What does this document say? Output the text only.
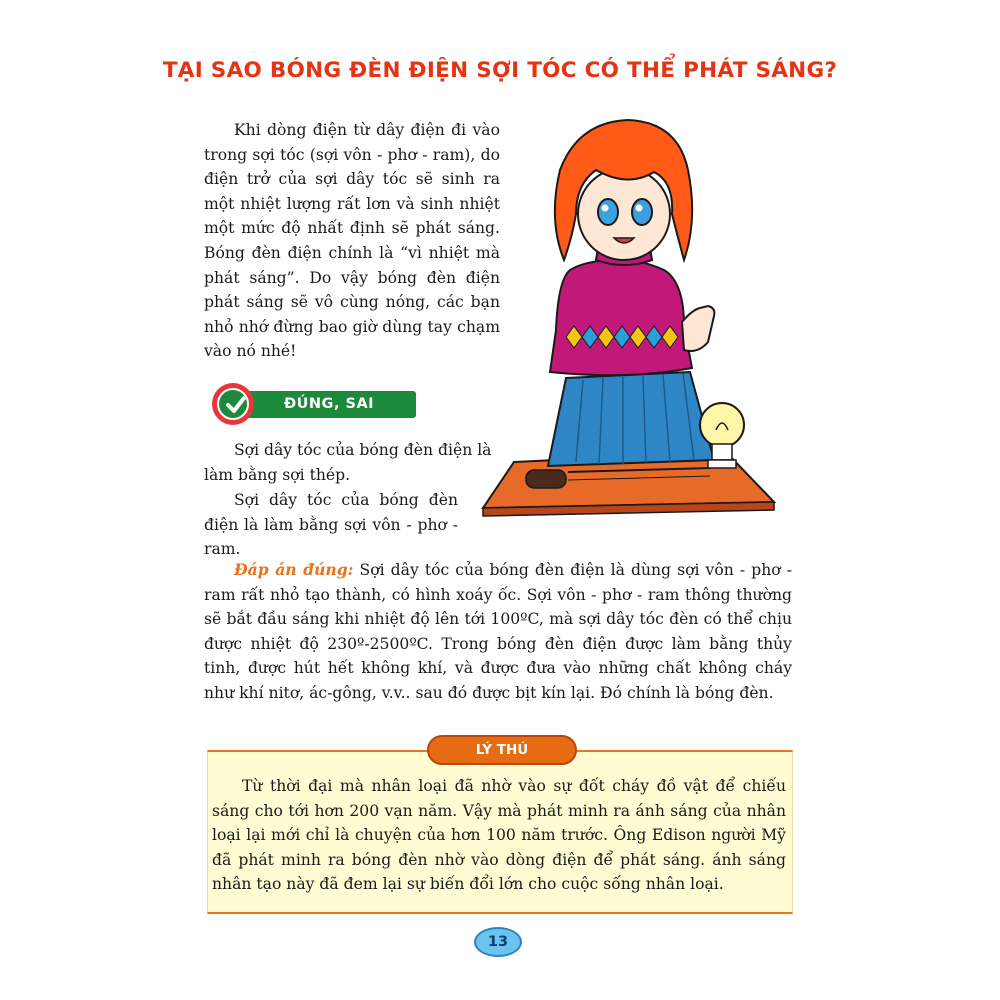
TẠI SAO BÓNG ĐÈN ĐIỆN SỢI TÓC CÓ THỂ PHÁT SÁNG?

Khi dòng điện từ dây điện đi vào trong sợi tóc (sợi vôn - phơ - ram), do điện trở của sợi dây tóc sẽ sinh ra một nhiệt lượng rất lơn và sinh nhiệt một mức độ nhất định sẽ phát sáng. Bóng đèn điện chính là “vì nhiệt mà phát sáng”. Do vậy bóng đèn điện phát sáng sẽ vô cùng nóng, các bạn nhỏ nhớ đừng bao giờ dùng tay chạm vào nó nhé!

ĐÚNG, SAI

Sợi dây tóc của bóng đèn điện là làm bằng sợi thép.

Sợi dây tóc của bóng đèn điện là làm bằng sợi vôn - phơ - ram.

Đáp án đúng: Sợi dây tóc của bóng đèn điện là dùng sợi vôn - phơ - ram rất nhỏ tạo thành, có hình xoáy ốc. Sợi vôn - phơ - ram thông thường sẽ bắt đầu sáng khi nhiệt độ lên tới 100ºC, mà sợi dây tóc đèn có thể chịu được nhiệt độ 230º-2500ºC. Trong bóng đèn điện được làm bằng thủy tinh, được hút hết không khí, và được đưa vào những chất không cháy như khí nitơ, ác-gông, v.v.. sau đó được bịt kín lại. Đó chính là bóng đèn.

LÝ THÚ

Từ thời đại mà nhân loại đã nhờ vào sự đốt cháy đồ vật để chiếu sáng cho tới hơn 200 vạn năm. Vậy mà phát minh ra ánh sáng của nhân loại lại mới chỉ là chuyện của hơn 100 năm trước. Ông Edison người Mỹ đã phát minh ra bóng đèn nhờ vào dòng điện để phát sáng. ánh sáng nhân tạo này đã đem lại sự biến đổi lớn cho cuộc sống nhân loại.

13
